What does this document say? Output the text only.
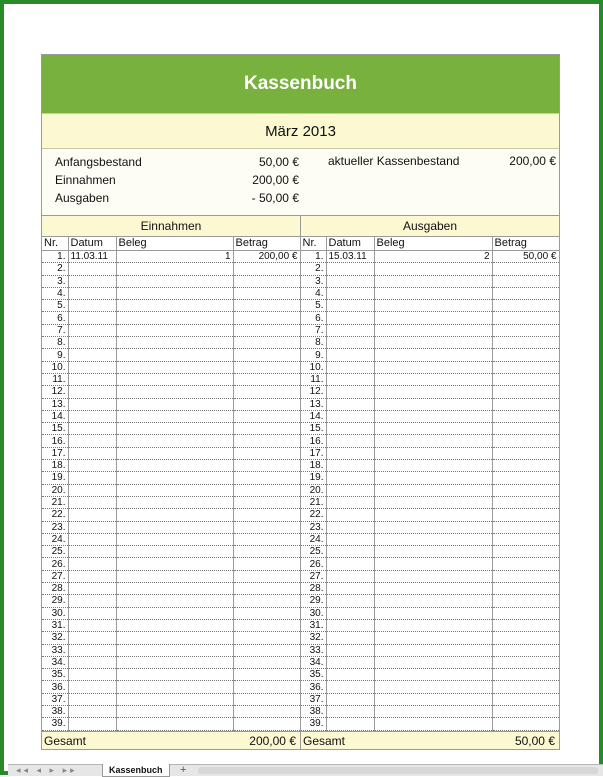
Kassenbuch
März 2013
Anfangsbestand	50,00 €
Einnahmen	200,00 €
Ausgaben	- 50,00 €
aktueller Kassenbestand	200,00 €
Einnahmen	Ausgaben
Nr.	Datum	Beleg	Betrag	Nr.	Datum	Beleg	Betrag
1.	11.03.11	1	200,00 €	1.	15.03.11	2	50,00 €
2.				2.			
3.				3.			
4.				4.			
5.				5.			
6.				6.			
7.				7.			
8.				8.			
9.				9.			
10.				10.			
11.				11.			
12.				12.			
13.				13.			
14.				14.			
15.				15.			
16.				16.			
17.				17.			
18.				18.			
19.				19.			
20.				20.			
21.				21.			
22.				22.			
23.				23.			
24.				24.			
25.				25.			
26.				26.			
27.				27.			
28.				28.			
29.				29.			
30.				30.			
31.				31.			
32.				32.			
33.				33.			
34.				34.			
35.				35.			
36.				36.			
37.				37.			
38.				38.			
39.				39.			
Gesamt	200,00 € Gesamt	50,00 €
◂◂ ◂ ▸ ▸▸	Kassenbuch	+
